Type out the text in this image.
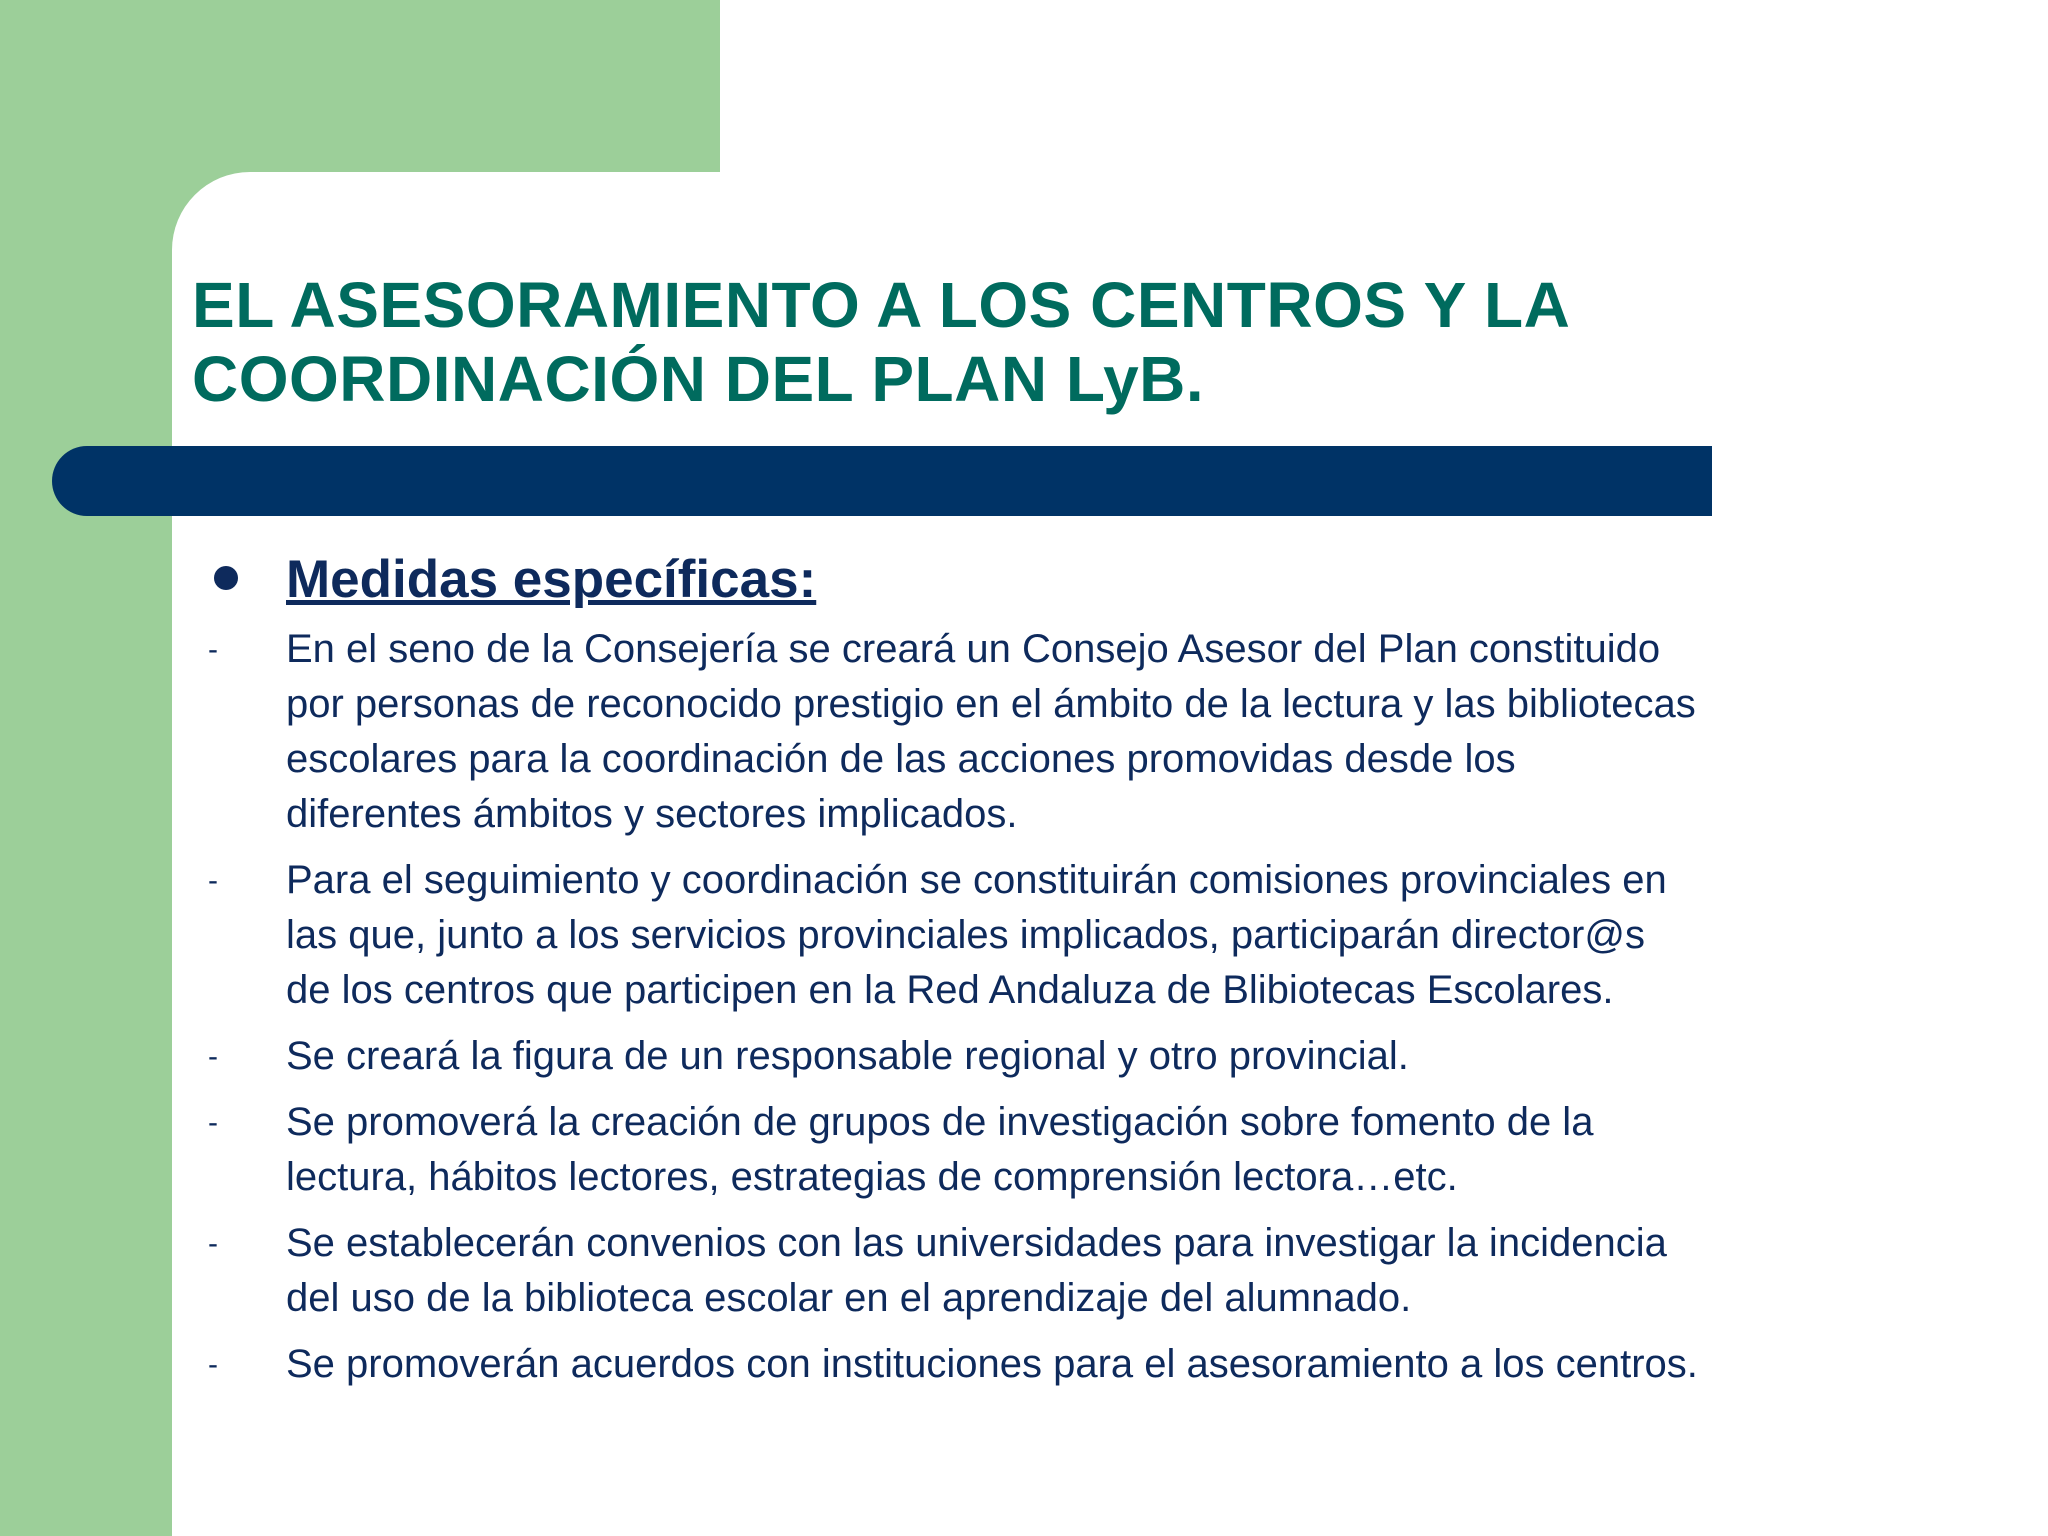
EL ASESORAMIENTO A LOS CENTROS Y LA
COORDINACIÓN DEL PLAN LyB.
Medidas específicas:
- En el seno de la Consejería se creará un Consejo Asesor del Plan constituido
por personas de reconocido prestigio en el ámbito de la lectura y las bibliotecas
escolares para la coordinación de las acciones promovidas desde los
diferentes ámbitos y sectores implicados.
- Para el seguimiento y coordinación se constituirán comisiones provinciales en
las que, junto a los servicios provinciales implicados, participarán director@s
de los centros que participen en la Red Andaluza de Blibiotecas Escolares.
- Se creará la figura de un responsable regional y otro provincial.
- Se promoverá la creación de grupos de investigación sobre fomento de la
lectura, hábitos lectores, estrategias de comprensión lectora…etc.
- Se establecerán convenios con las universidades para investigar la incidencia
del uso de la biblioteca escolar en el aprendizaje del alumnado.
- Se promoverán acuerdos con instituciones para el asesoramiento a los centros.
